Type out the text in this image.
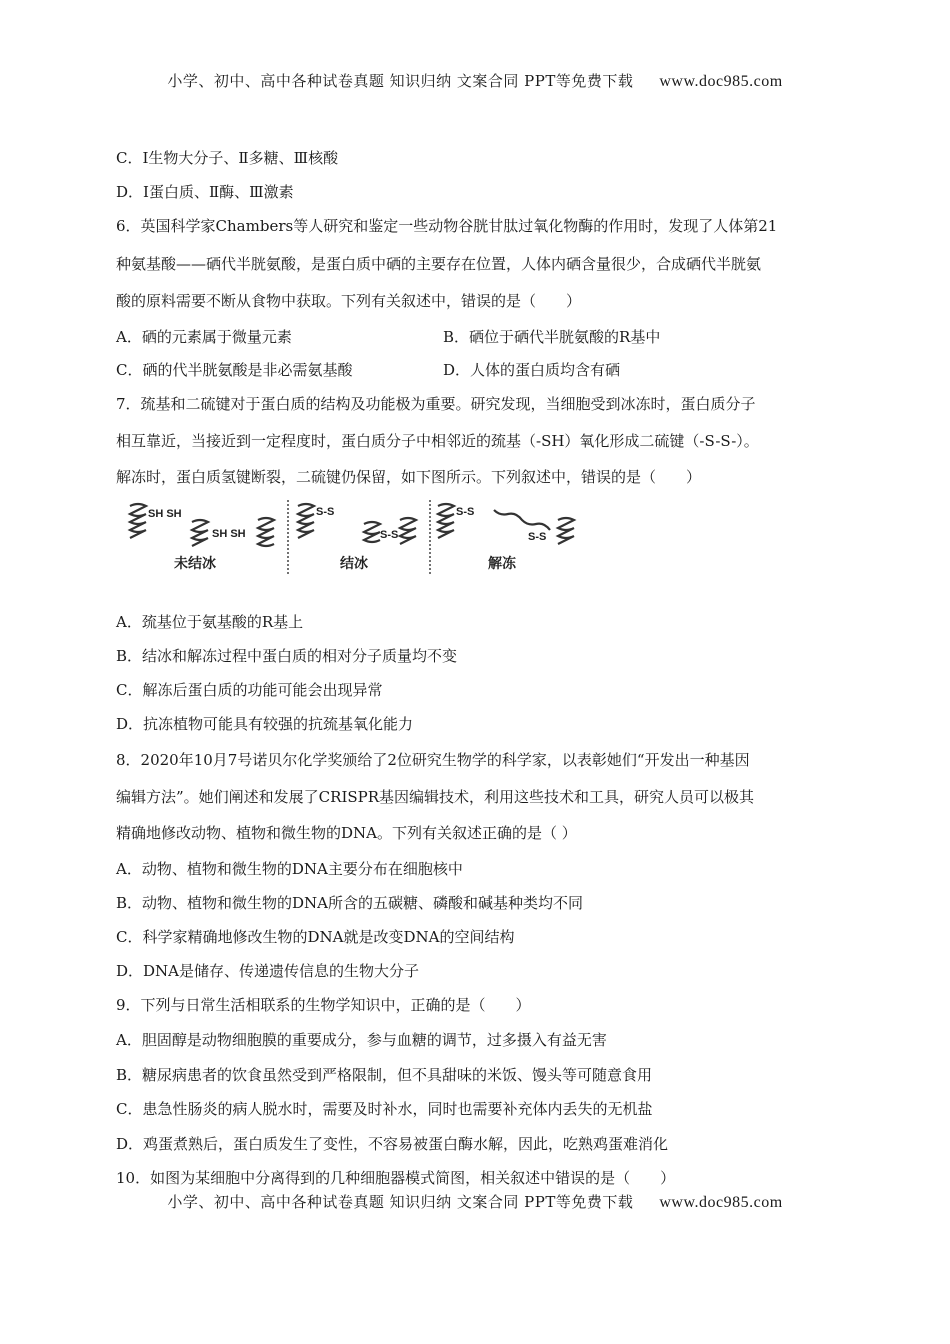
小学、初中、高中各种试卷真题 知识归纳 文案合同 PPT等免费下载 www.doc985.com
C．Ⅰ生物大分子、Ⅱ多糖、Ⅲ核酸
D．Ⅰ蛋白质、Ⅱ酶、Ⅲ激素
6．英国科学家Chambers等人研究和鉴定一些动物谷胱甘肽过氧化物酶的作用时，发现了人体第21
种氨基酸——硒代半胱氨酸，是蛋白质中硒的主要存在位置，人体内硒含量很少，合成硒代半胱氨
酸的原料需要不断从食物中获取。下列有关叙述中，错误的是（　　）
A．硒的元素属于微量元素	B．硒位于硒代半胱氨酸的R基中
C．硒的代半胱氨酸是非必需氨基酸	D．人体的蛋白质均含有硒
7．巯基和二硫键对于蛋白质的结构及功能极为重要。研究发现，当细胞受到冰冻时，蛋白质分子
相互靠近，当接近到一定程度时，蛋白质分子中相邻近的巯基（-SH）氧化形成二硫键（-S-S-）。
解冻时，蛋白质氢键断裂，二硫键仍保留，如下图所示。下列叙述中，错误的是（　　）
SH SH
SH SH
S-S
S-S
S-S
S-S
未结冰	结冰	解冻
A．巯基位于氨基酸的R基上
B．结冰和解冻过程中蛋白质的相对分子质量均不变
C．解冻后蛋白质的功能可能会出现异常
D．抗冻植物可能具有较强的抗巯基氧化能力
8．2020年10月7号诺贝尔化学奖颁给了2位研究生物学的科学家，以表彰她们“开发出一种基因
编辑方法”。她们阐述和发展了CRISPR基因编辑技术，利用这些技术和工具，研究人员可以极其
精确地修改动物、植物和微生物的DNA。下列有关叙述正确的是（ ）
A．动物、植物和微生物的DNA主要分布在细胞核中
B．动物、植物和微生物的DNA所含的五碳糖、磷酸和碱基种类均不同
C．科学家精确地修改生物的DNA就是改变DNA的空间结构
D．DNA是储存、传递遗传信息的生物大分子
9．下列与日常生活相联系的生物学知识中，正确的是（　　）
A．胆固醇是动物细胞膜的重要成分，参与血糖的调节，过多摄入有益无害
B．糖尿病患者的饮食虽然受到严格限制，但不具甜味的米饭、馒头等可随意食用
C．患急性肠炎的病人脱水时，需要及时补水，同时也需要补充体内丢失的无机盐
D．鸡蛋煮熟后，蛋白质发生了变性，不容易被蛋白酶水解，因此，吃熟鸡蛋难消化
10．如图为某细胞中分离得到的几种细胞器模式简图，相关叙述中错误的是（　　）
小学、初中、高中各种试卷真题 知识归纳 文案合同 PPT等免费下载 www.doc985.com
